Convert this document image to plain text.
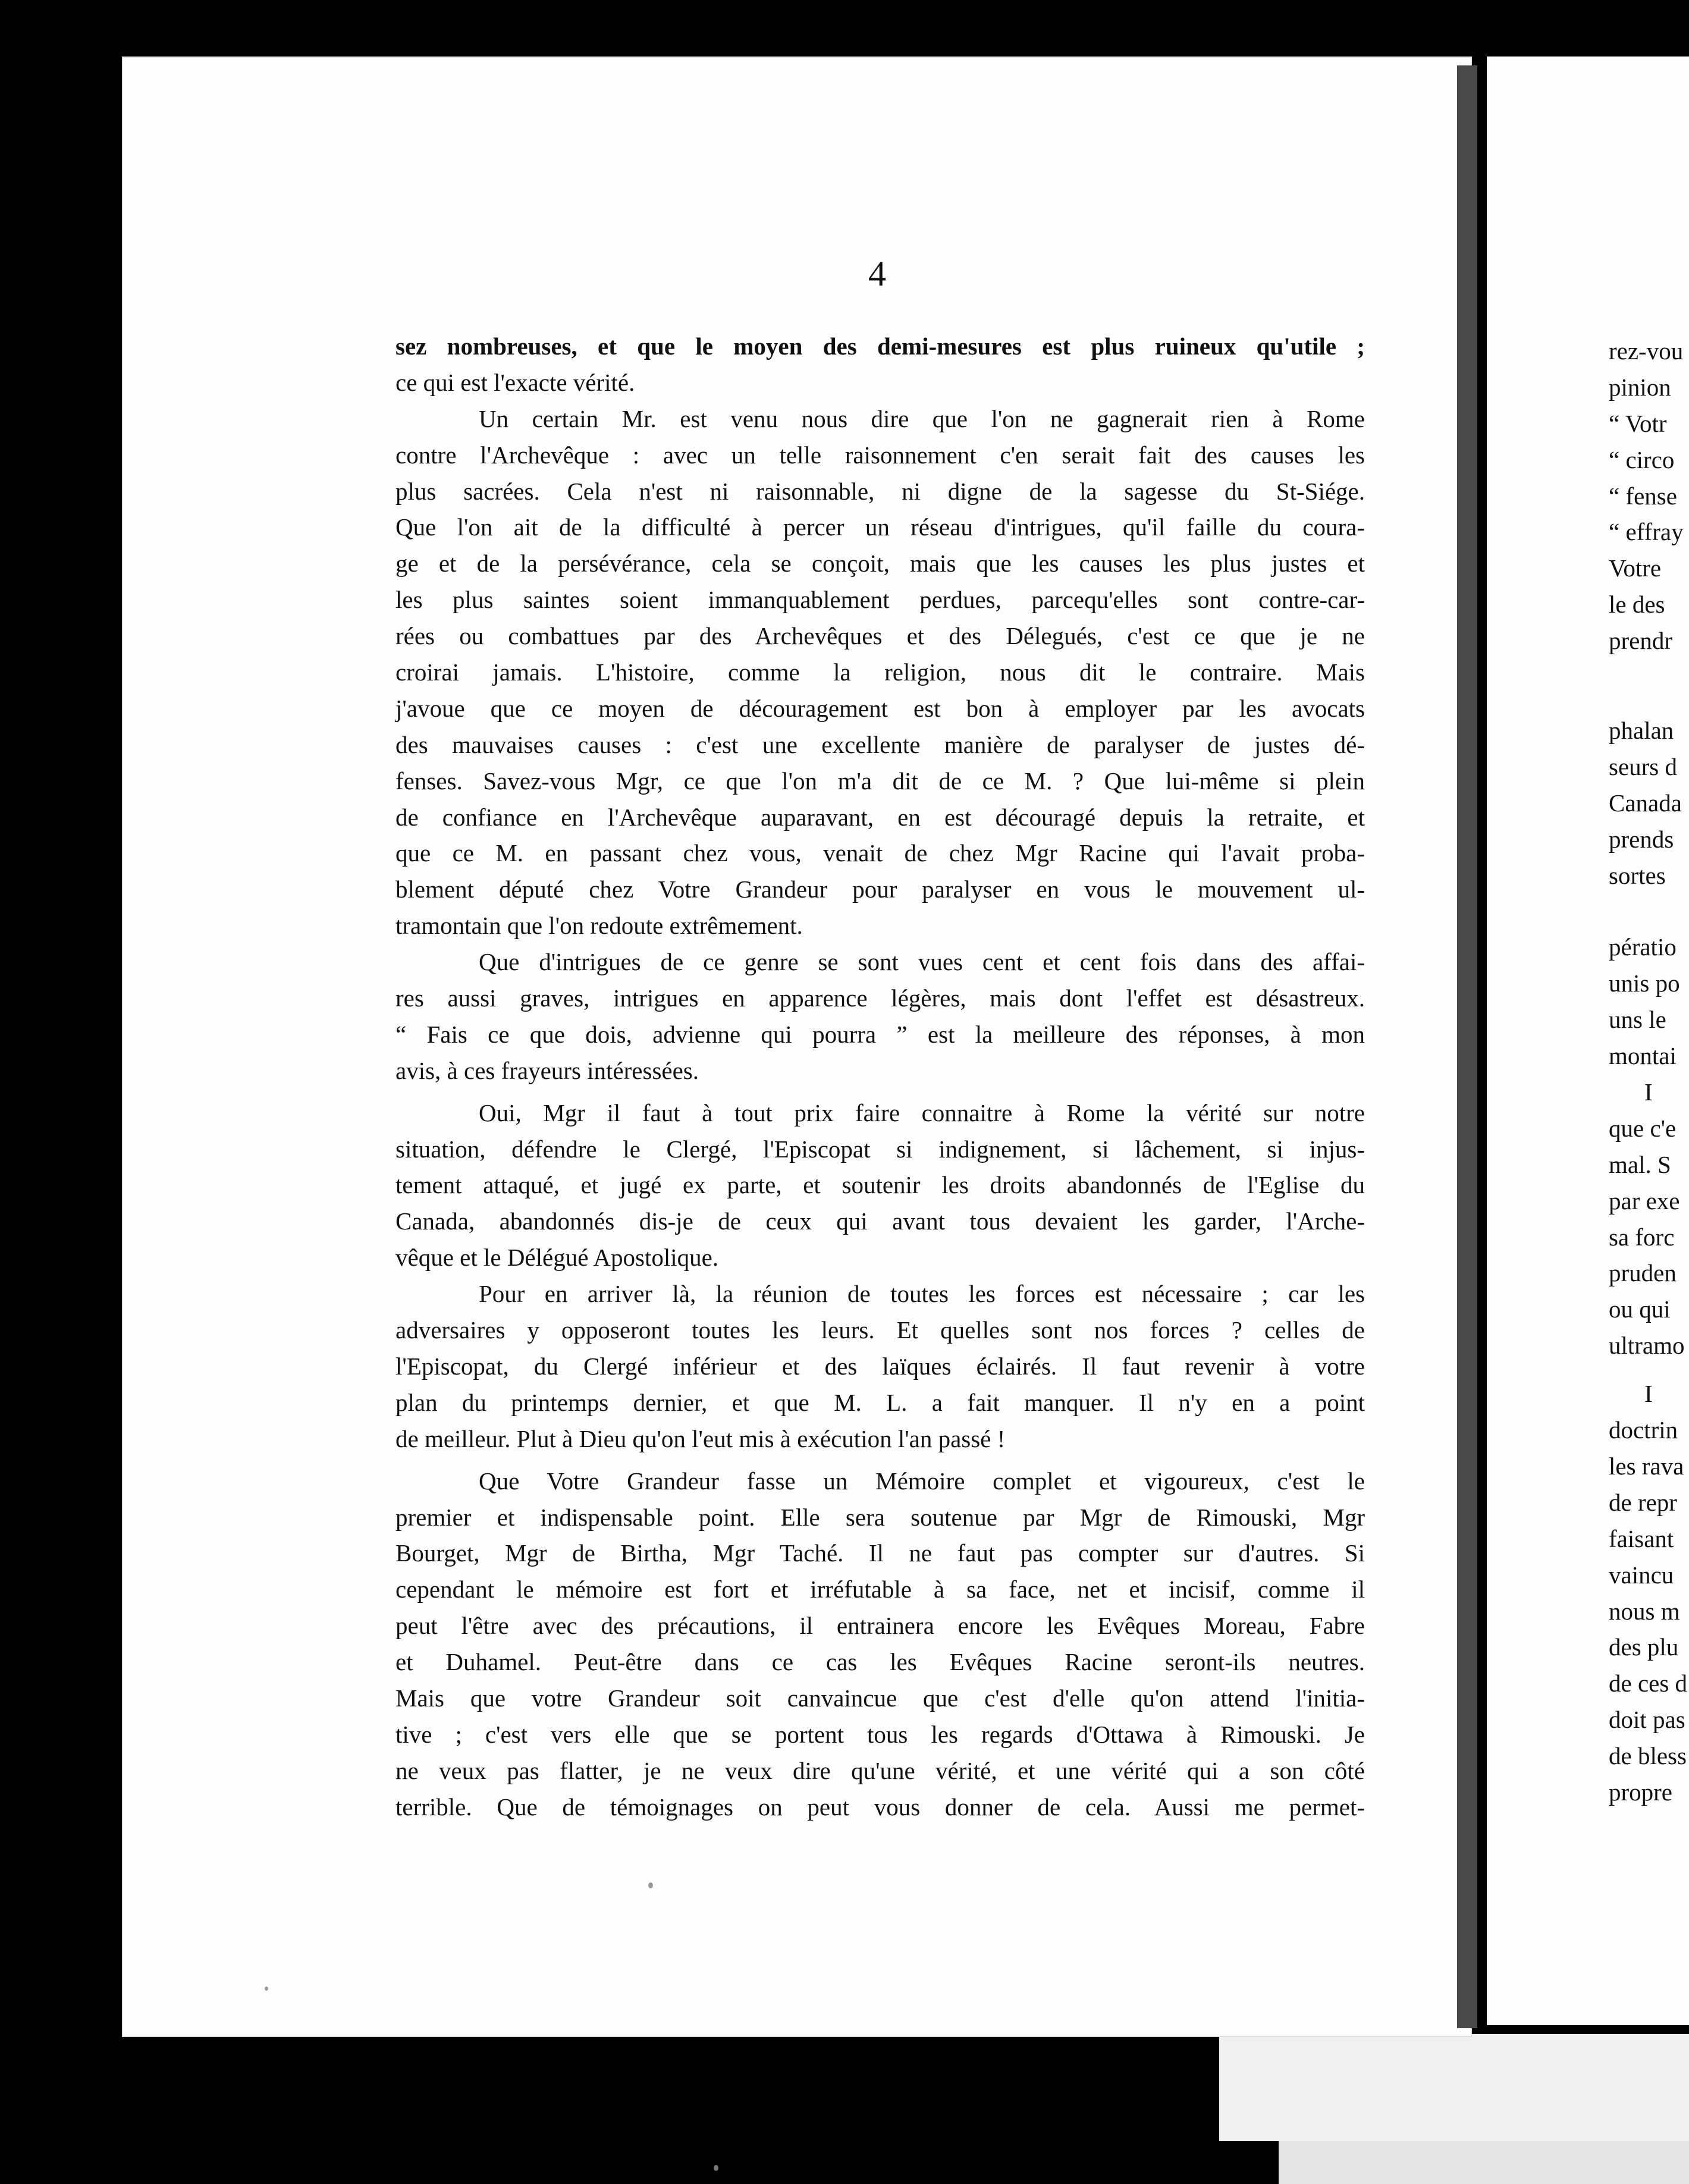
4
sez nombreuses, et que le moyen des demi-mesures est plus ruineux qu'utile ;
ce qui est l'exacte vérité.
Un certain Mr. est venu nous dire que l'on ne gagnerait rien à Rome
contre l'Archevêque : avec un telle raisonnement c'en serait fait des causes les
plus sacrées. Cela n'est ni raisonnable, ni digne de la sagesse du St-Siége.
Que l'on ait de la difficulté à percer un réseau d'intrigues, qu'il faille du coura-
ge et de la persévérance, cela se conçoit, mais que les causes les plus justes et
les plus saintes soient immanquablement perdues, parcequ'elles sont contre-car-
rées ou combattues par des Archevêques et des Délegués, c'est ce que je ne
croirai jamais. L'histoire, comme la religion, nous dit le contraire. Mais
j'avoue que ce moyen de découragement est bon à employer par les avocats
des mauvaises causes : c'est une excellente manière de paralyser de justes dé-
fenses. Savez-vous Mgr, ce que l'on m'a dit de ce M. ? Que lui-même si plein
de confiance en l'Archevêque auparavant, en est découragé depuis la retraite, et
que ce M. en passant chez vous, venait de chez Mgr Racine qui l'avait proba-
blement député chez Votre Grandeur pour paralyser en vous le mouvement ul-
tramontain que l'on redoute extrêmement.
Que d'intrigues de ce genre se sont vues cent et cent fois dans des affai-
res aussi graves, intrigues en apparence légères, mais dont l'effet est désastreux.
“ Fais ce que dois, advienne qui pourra ” est la meilleure des réponses, à mon
avis, à ces frayeurs intéressées.
Oui, Mgr il faut à tout prix faire connaitre à Rome la vérité sur notre
situation, défendre le Clergé, l'Episcopat si indignement, si lâchement, si injus-
tement attaqué, et jugé ex parte, et soutenir les droits abandonnés de l'Eglise du
Canada, abandonnés dis-je de ceux qui avant tous devaient les garder, l'Arche-
vêque et le Délégué Apostolique.
Pour en arriver là, la réunion de toutes les forces est nécessaire ; car les
adversaires y opposeront toutes les leurs. Et quelles sont nos forces ? celles de
l'Episcopat, du Clergé inférieur et des laïques éclairés. Il faut revenir à votre
plan du printemps dernier, et que M. L. a fait manquer. Il n'y en a point
de meilleur. Plut à Dieu qu'on l'eut mis à exécution l'an passé !
Que Votre Grandeur fasse un Mémoire complet et vigoureux, c'est le
premier et indispensable point. Elle sera soutenue par Mgr de Rimouski, Mgr
Bourget, Mgr de Birtha, Mgr Taché. Il ne faut pas compter sur d'autres. Si
cependant le mémoire est fort et irréfutable à sa face, net et incisif, comme il
peut l'être avec des précautions, il entrainera encore les Evêques Moreau, Fabre
et Duhamel. Peut-être dans ce cas les Evêques Racine seront-ils neutres.
Mais que votre Grandeur soit canvaincue que c'est d'elle qu'on attend l'initia-
tive ; c'est vers elle que se portent tous les regards d'Ottawa à Rimouski. Je
ne veux pas flatter, je ne veux dire qu'une vérité, et une vérité qui a son côté
terrible. Que de témoignages on peut vous donner de cela. Aussi me permet-
rez-vou
pinion
“ Votr
“ circo
“ fense
“ effray
Votre
le des
prendr
phalan
seurs d
Canada
prends
sortes
pératio
unis po
uns le
montai
I
que c'e
mal. S
par exe
sa forc
pruden
ou qui
ultramo
I
doctrin
les rava
de repr
faisant
vaincu
nous m
des plu
de ces d
doit pas
de bless
propre
